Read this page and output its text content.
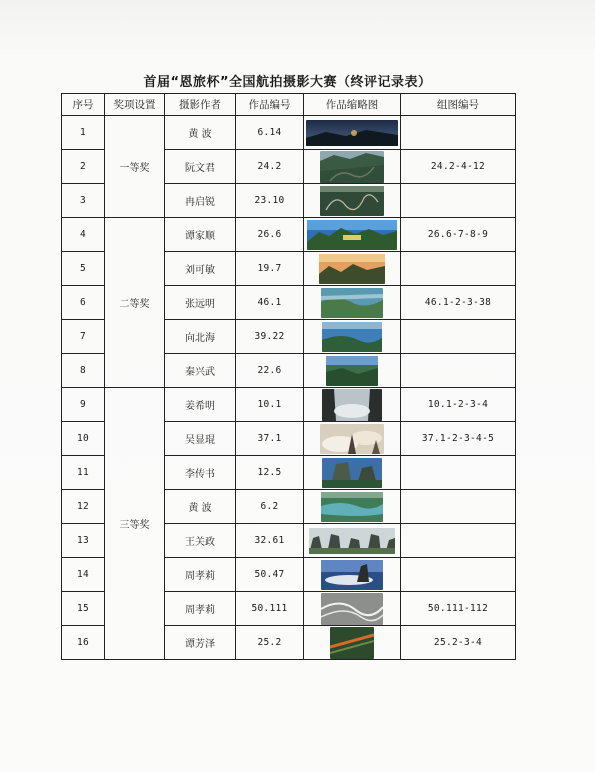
首届“恩旅杯”全国航拍摄影大赛（终评记录表）
序号	奖项设置	摄影作者	作品编号	作品缩略图	组图编号
1	一等奖	黄 波	6.14	

2		阮文君	24.2		24.2-4-12
3		冉启锐	23.10	

4	二等奖	谭家顺	26.6		26.6-7-8-9
5		刘可敏	19.7	

6		张远明	46.1		46.1-2-3-38
7		向北海	39.22	

8		秦兴武	22.6	

9	三等奖	姜希明	10.1		10.1-2-3-4
10		吴显琨	37.1		37.1-2-3-4-5
11		李传书	12.5	

12		黄 波	6.2	

13		王关政	32.61	

14		周孝莉	50.47	

15		周孝莉	50.111		50.111-112
16		谭芳泽	25.2		25.2-3-4
